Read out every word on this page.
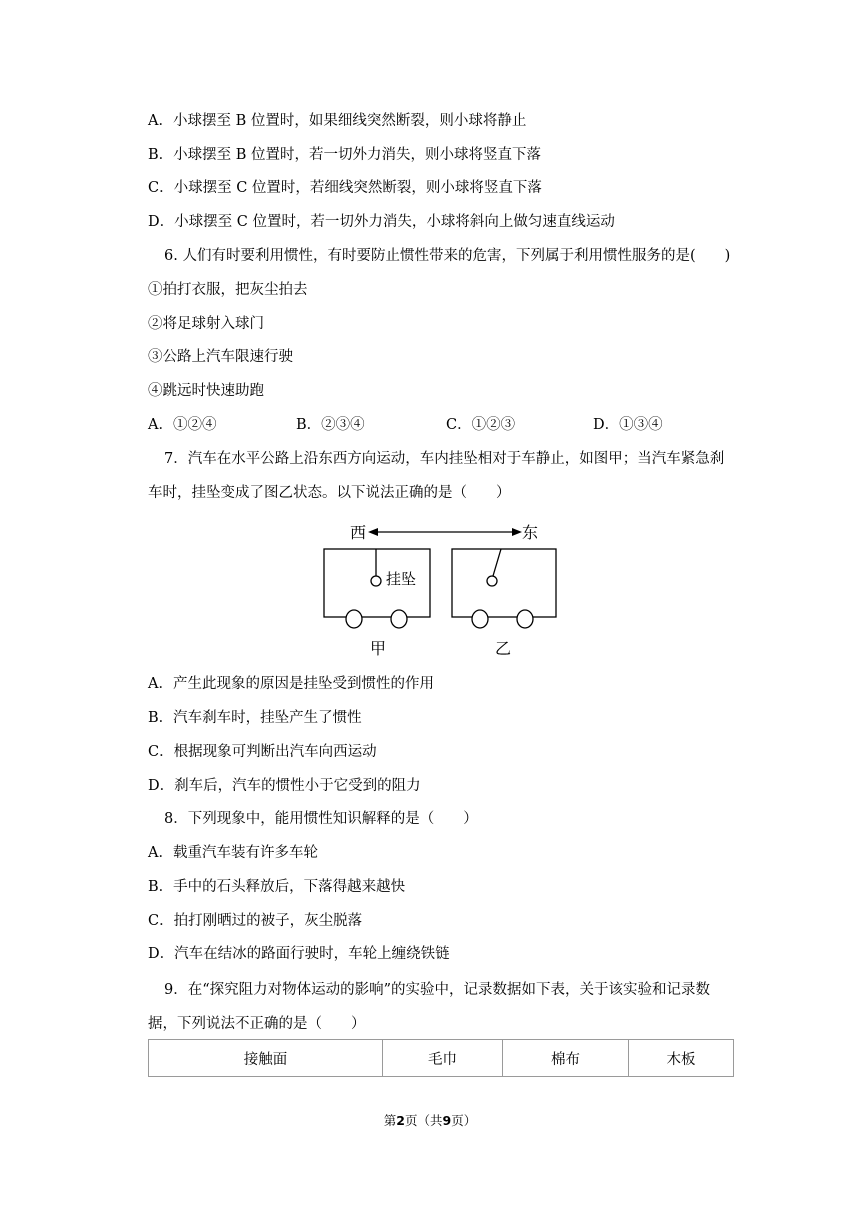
A．小球摆至 B 位置时，如果细线突然断裂，则小球将静止
B．小球摆至 B 位置时，若一切外力消失，则小球将竖直下落
C．小球摆至 C 位置时，若细线突然断裂，则小球将竖直下落
D．小球摆至 C 位置时，若一切外力消失，小球将斜向上做匀速直线运动
6. 人们有时要利用惯性，有时要防止惯性带来的危害，下列属于利用惯性服务的是(　　)
①拍打衣服，把灰尘拍去
②将足球射入球门
③公路上汽车限速行驶
④跳远时快速助跑
A．①②④	B．②③④	C．①②③	D．①③④
7．汽车在水平公路上沿东西方向运动，车内挂坠相对于车静止，如图甲；当汽车紧急刹
车时，挂坠变成了图乙状态。以下说法正确的是（　　）
西	东
挂坠
甲	乙
A．产生此现象的原因是挂坠受到惯性的作用
B．汽车刹车时，挂坠产生了惯性
C．根据现象可判断出汽车向西运动
D．刹车后，汽车的惯性小于它受到的阻力
8．下列现象中，能用惯性知识解释的是（　　）
A．载重汽车装有许多车轮
B．手中的石头释放后，下落得越来越快
C．拍打刚晒过的被子，灰尘脱落
D．汽车在结冰的路面行驶时，车轮上缠绕铁链
9．在“探究阻力对物体运动的影响”的实验中，记录数据如下表，关于该实验和记录数
据，下列说法不正确的是（　　）
接触面	毛巾	棉布	木板
第2页（共9页）
